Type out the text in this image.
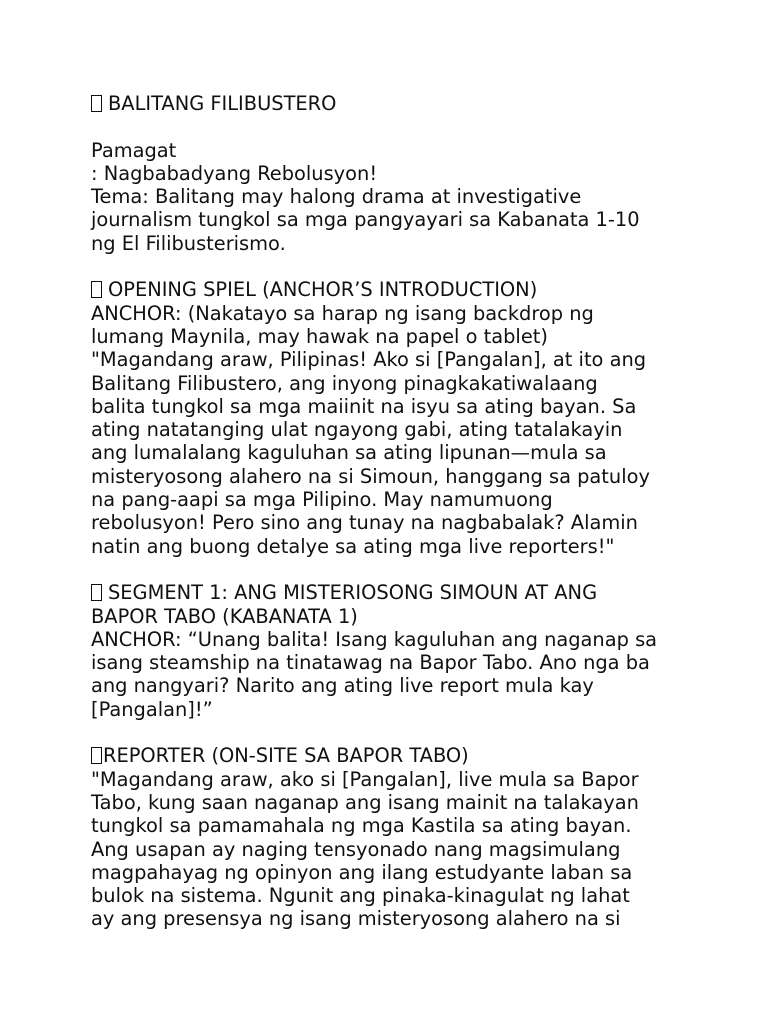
BALITANG FILIBUSTERO
Pamagat
: Nagbabadyang Rebolusyon!
Tema: Balitang may halong drama at investigative
journalism tungkol sa mga pangyayari sa Kabanata 1-10
ng El Filibusterismo.
OPENING SPIEL (ANCHOR’S INTRODUCTION)
ANCHOR: (Nakatayo sa harap ng isang backdrop ng
lumang Maynila, may hawak na papel o tablet)
"Magandang araw, Pilipinas! Ako si [Pangalan], at ito ang
Balitang Filibustero, ang inyong pinagkakatiwalaang
balita tungkol sa mga maiinit na isyu sa ating bayan. Sa
ating natatanging ulat ngayong gabi, ating tatalakayin
ang lumalalang kaguluhan sa ating lipunan—mula sa
misteryosong alahero na si Simoun, hanggang sa patuloy
na pang-aapi sa mga Pilipino. May namumuong
rebolusyon! Pero sino ang tunay na nagbabalak? Alamin
natin ang buong detalye sa ating mga live reporters!"
SEGMENT 1: ANG MISTERIOSONG SIMOUN AT ANG
BAPOR TABO (KABANATA 1)
ANCHOR: “Unang balita! Isang kaguluhan ang naganap sa
isang steamship na tinatawag na Bapor Tabo. Ano nga ba
ang nangyari? Narito ang ating live report mula kay
[Pangalan]!”
REPORTER (ON-SITE SA BAPOR TABO)
"Magandang araw, ako si [Pangalan], live mula sa Bapor
Tabo, kung saan naganap ang isang mainit na talakayan
tungkol sa pamamahala ng mga Kastila sa ating bayan.
Ang usapan ay naging tensyonado nang magsimulang
magpahayag ng opinyon ang ilang estudyante laban sa
bulok na sistema. Ngunit ang pinaka-kinagulat ng lahat
ay ang presensya ng isang misteryosong alahero na si
